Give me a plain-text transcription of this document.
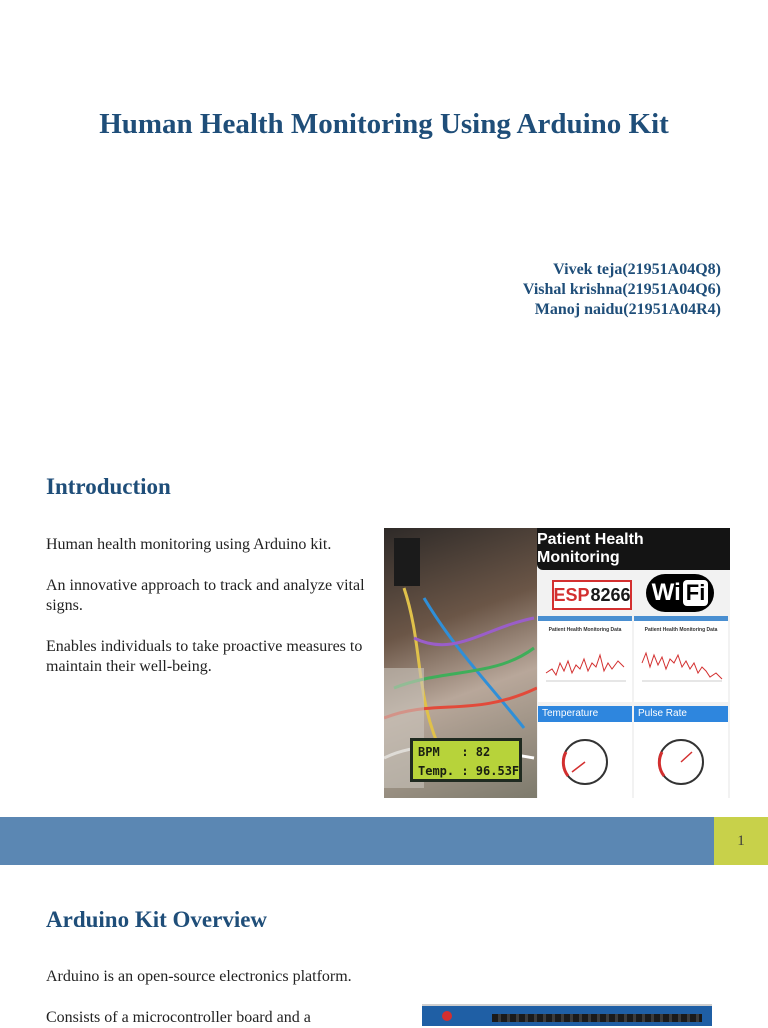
Human Health Monitoring Using Arduino Kit
Vivek teja(21951A04Q8)
Vishal krishna(21951A04Q6)
Manoj naidu(21951A04R4)
Introduction

Human health monitoring using Arduino kit.

An innovative approach to track and analyze vital signs.

Enables individuals to take proactive measures to maintain their well-being.

BPM   : 82
Temp. : 96.53F
Patient Health Monitoring
ESP 8266 Wi Fi
Patient Health Monitoring Data	Patient Health Monitoring Data
Temperature	Pulse Rate
1
Arduino Kit Overview

Arduino is an open-source electronics platform.

Consists of a microcontroller board and a
